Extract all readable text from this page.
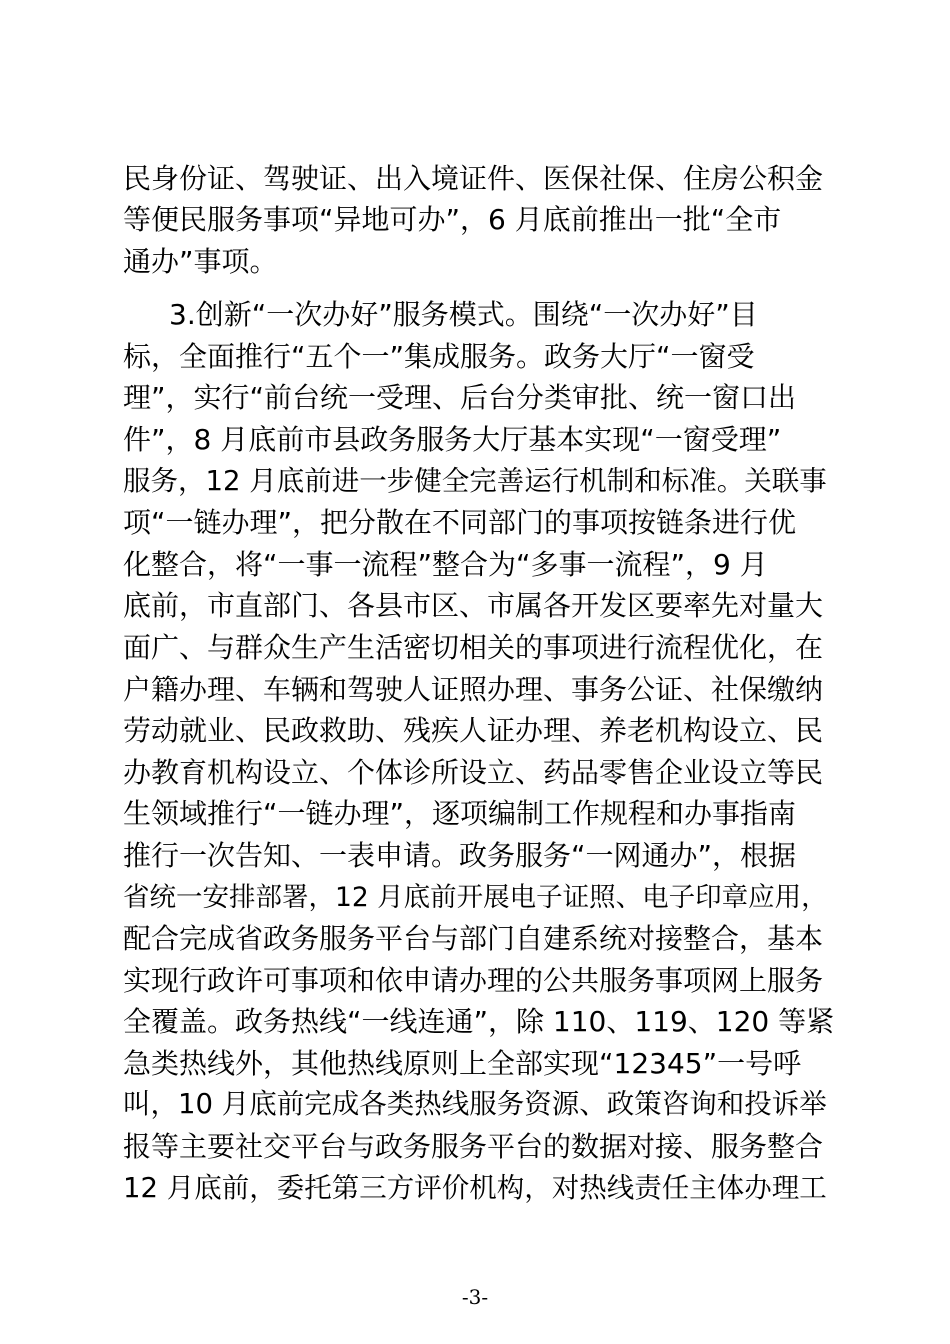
民身份证、驾驶证、出入境证件、医保社保、住房公积金
等便民服务事项“异地可办”，6 月底前推出一批“全市
通办”事项。
3.创新“一次办好”服务模式。围绕“一次办好”目
标，全面推行“五个一”集成服务。政务大厅“一窗受
理”，实行“前台统一受理、后台分类审批、统一窗口出
件”，8 月底前市县政务服务大厅基本实现“一窗受理”
服务，12 月底前进一步健全完善运行机制和标准。关联事
项“一链办理”，把分散在不同部门的事项按链条进行优
化整合，将“一事一流程”整合为“多事一流程”，9 月
底前，市直部门、各县市区、市属各开发区要率先对量大
面广、与群众生产生活密切相关的事项进行流程优化，在
户籍办理、车辆和驾驶人证照办理、事务公证、社保缴纳
劳动就业、民政救助、残疾人证办理、养老机构设立、民
办教育机构设立、个体诊所设立、药品零售企业设立等民
生领域推行“一链办理”，逐项编制工作规程和办事指南
推行一次告知、一表申请。政务服务“一网通办”，根据
省统一安排部署，12 月底前开展电子证照、电子印章应用，
配合完成省政务服务平台与部门自建系统对接整合，基本
实现行政许可事项和依申请办理的公共服务事项网上服务
全覆盖。政务热线“一线连通”，除 110、119、120 等紧
急类热线外，其他热线原则上全部实现“12345”一号呼
叫，10 月底前完成各类热线服务资源、政策咨询和投诉举
报等主要社交平台与政务服务平台的数据对接、服务整合
12 月底前，委托第三方评价机构，对热线责任主体办理工
-3-
